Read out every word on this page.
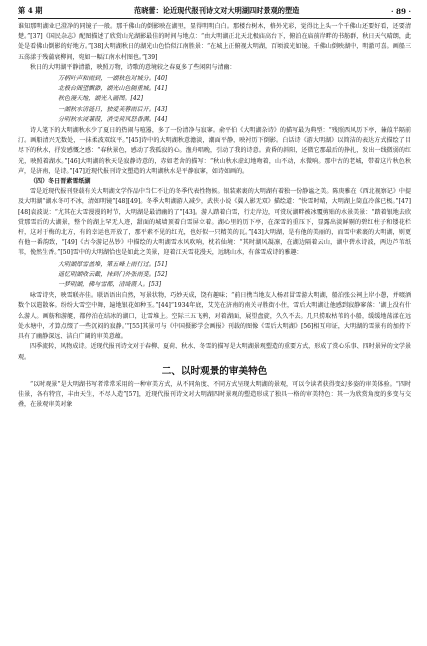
第 4 期	范晓蕾：论近现代报刊诗文对大明湖四时景观的塑造	· 89 ·

谁知那明湖业已澄净的同镜子一般。那千佛山的倒影映在湖里，显得明明白白。那楼台树木，格外光彩，觉得比上头一个千佛山还要好看，还要清楚。”[37]《国民杂志》配图描述了欣赏山光湖影最佳的时间与地点：“由大明湖正北天北极庙高台下，俯泊在庙前岸畔的书舫群，秋日天气晴朗，此处是看佛山倒影的好地方。”[38]大明湖秋日的湖光山色恰似江南胜景：“在城上正俯视大明湖，百顷波光如镜。千佛山倒映湖中，明澈可喜。画船三五荡漾于残蒲衰柳间，宛如一幅江南水村图也。”[39]

秋日的大明湖平静清澈，映照万物，诗歌的意境较之春夏多了些闲阴与清幽：

万柄叶声和雨到，一湖秋色对城分。[40]
北极台阁望飘渺，湖光山色隔重城。[41]
秋色漫天地，湖光入画图。[42]
一湖秋水清涟日，独爱芙蓉雨后开。[43]
分明秋水浸蒹葭，消受荷风怒香满。[44]

诗人笔下的大明湖秋水少了夏日的热闹与喧嚣，多了一份清净与寂寥。俞平伯《大明湖杂诗》的描写最为典型：“残照西风历下亭，蒹葭半隔前汀。画船清兴无数处，一抹柔波双纹平。”[45]诗中的大明湖秋意澹淡，潮面平静，映衬历下倒影。白话诗《游大明湖》以简洁的表达方式描绘了目尽下的秋水，抒发感慨之感：“春秋景色，感动了我孤寂的心。渔舟唱晚，引动了我的诗意。黄昏的斜阳，还微它那最后的挣扎，发出一线微弱的红光，映照着湖水。”[46]大明湖的秋天是寂静诗意的，赤如老舍的描写：“秋山秋水虚幻地吻着，山不动，水微响。那中古的老城，带着这片秋色秋声，是济南，是诗。”[47]近现代报刊诗文塑造的大明湖秋水是平静寂寥，如诗如画的。

（四）冬日晋素雪纸湖

雪是近现代报刊登载有关大明湖文学作品中当仁不让的冬季代表性物候。银装素裹的大明湖有着独一份静谧之美。陈庚雅在《西北视察记》中提及大明湖“湖水冬可不冰，清如明镜”[48][49]。冬季大明湖游人减少，武侠小说《翼人影无双》描绘道：“快雪时晴，大明湖上筒直冷落已极。”[47][48]袁波说：“尤其在大雪漫漫的时节，大明湖是最清幽的了”[43]。游人踏着白雪，行走岸边，可赏玩湖畔被冰覆剪贴的水景美景：“踏着银地去欣赏那雪后的大湖景，整个的湖上罕无人迹，甜面的城墙顶着白雪屏立着。湖心里的历下亭，在深雪的重压下，显露出淡鲜剔的碧红柱子和镂花栏杆，这对于梅的北方，有的幸运也开放了，那平素不见的红光，也好似一只精美的瓦。”[43]大明湖，是有他的美丽的，而雪中素裹的大明湖，则更有他一番韵致，“[49]《古今游记丛钞》中描绘的大明湖雪水风吹响，枕若仙境：“其时湖风凝凛，在湖边隔着云山，湖中碧水诗波，两边芦苇纸苇，俛然生香。”[50]雪中的大明湖恰也是如此之美景，迎着江天雪花漫天，远眺山水，有落雪成诗的雅趣：

大明湖厚雪盖堆，第五峰上雨行过。[51]
遥忆明湖收云截，抹到门外张雨斐。[52]
一梦明湖，佛与雪都，清绮霞人。[53]

咏雪诗夹，映雪联亦佳。联语语出自然，写景状物，巧妙天成，饶有趣味；“前日携当地友人杨君冒雪游大明湖，船泊张公祠上岸小憩，并啜酒数个以遣散客。纷纷大雪空中舞，遍地银花如种玉。”[44]“1934年底，艾芜在济南的南关寻胜街小住，雪后大明湖让他感到寂静寥落：‘湖上没有什么游人。画舫和游艇，都停泊在结冰的湖口，让雪堆上。空际三五飞鸦，对着湖面，展望盘旋，久久不去。几只捞取枯苇的小船，缓缓地荡漾在远处水塘中，才算点缀了一些沉闷的寂静。’”[55]其景可与《中国摄影学会画报》刊载的图像《雪后大明湖》[56]相互印证，大明湖的雪景有的加持下具有了幽静深远、洁白广阔的审美意蕴。

四季流转，风物成诗。近现代报刊诗文对于春柳、夏荷、秋水、冬雪的描写是大明湖景观塑造的重要方式，形成了赏心乐事、四时景异的文学景观。

二、以时观景的审美特色

“以时观景”是大明湖书写者常常采用的一种审美方式，从不同角度、不同方式呈现大明湖的景观，可以令读者获得变幻多姿的审美体验。“四时佳景，各有特宜，丰由天生，不尽人造”[57]，近现代报刊诗文对大明湖四时景观的塑造形成了独具一格的审美特色：其一为欣赏角度的多变与交叠，在景观审美对象
